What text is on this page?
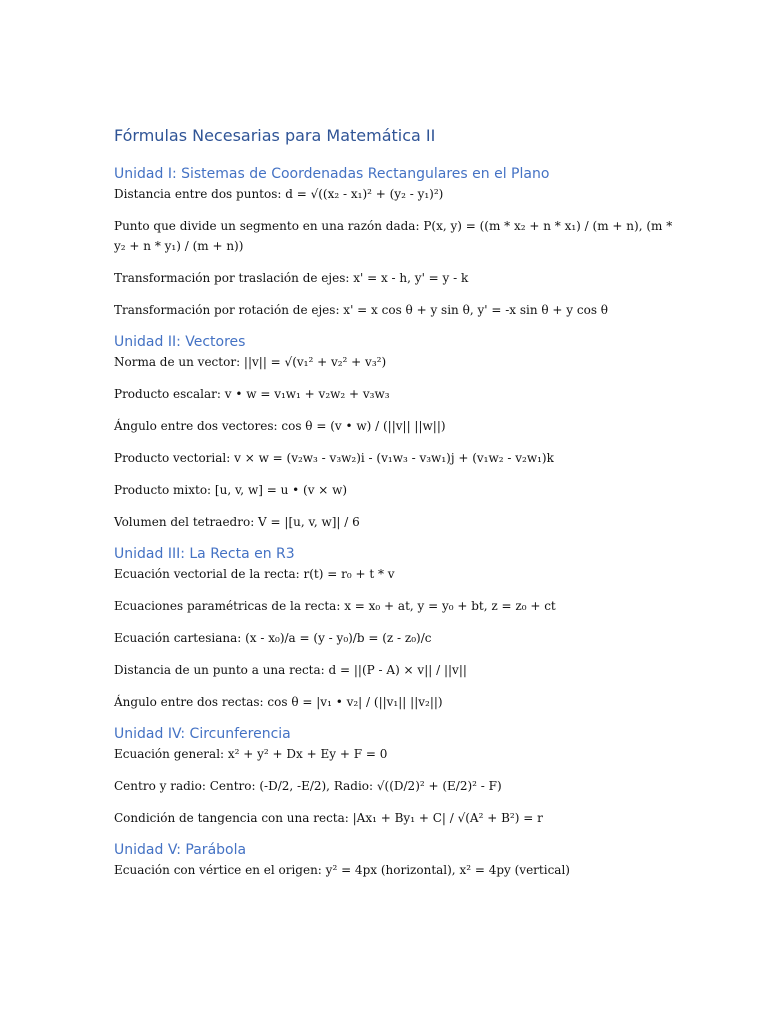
Fórmulas Necesarias para Matemática II
Unidad I: Sistemas de Coordenadas Rectangulares en el Plano

Distancia entre dos puntos: d = √((x₂ - x₁)² + (y₂ - y₁)²)

Punto que divide un segmento en una razón dada: P(x, y) = ((m * x₂ + n * x₁) / (m + n), (m * y₂ + n * y₁) / (m + n))

Transformación por traslación de ejes: x' = x - h, y' = y - k

Transformación por rotación de ejes: x' = x cos θ + y sin θ, y' = -x sin θ + y cos θ

Unidad II: Vectores

Norma de un vector: ||v|| = √(v₁² + v₂² + v₃²)

Producto escalar: v • w = v₁w₁ + v₂w₂ + v₃w₃

Ángulo entre dos vectores: cos θ = (v • w) / (||v|| ||w||)

Producto vectorial: v × w = (v₂w₃ - v₃w₂)i - (v₁w₃ - v₃w₁)j + (v₁w₂ - v₂w₁)k

Producto mixto: [u, v, w] = u • (v × w)

Volumen del tetraedro: V = |[u, v, w]| / 6

Unidad III: La Recta en R3

Ecuación vectorial de la recta: r(t) = r₀ + t * v

Ecuaciones paramétricas de la recta: x = x₀ + at, y = y₀ + bt, z = z₀ + ct

Ecuación cartesiana: (x - x₀)/a = (y - y₀)/b = (z - z₀)/c

Distancia de un punto a una recta: d = ||(P - A) × v|| / ||v||

Ángulo entre dos rectas: cos θ = |v₁ • v₂| / (||v₁|| ||v₂||)

Unidad IV: Circunferencia

Ecuación general: x² + y² + Dx + Ey + F = 0

Centro y radio: Centro: (-D/2, -E/2), Radio: √((D/2)² + (E/2)² - F)

Condición de tangencia con una recta: |Ax₁ + By₁ + C| / √(A² + B²) = r

Unidad V: Parábola

Ecuación con vértice en el origen: y² = 4px (horizontal), x² = 4py (vertical)
